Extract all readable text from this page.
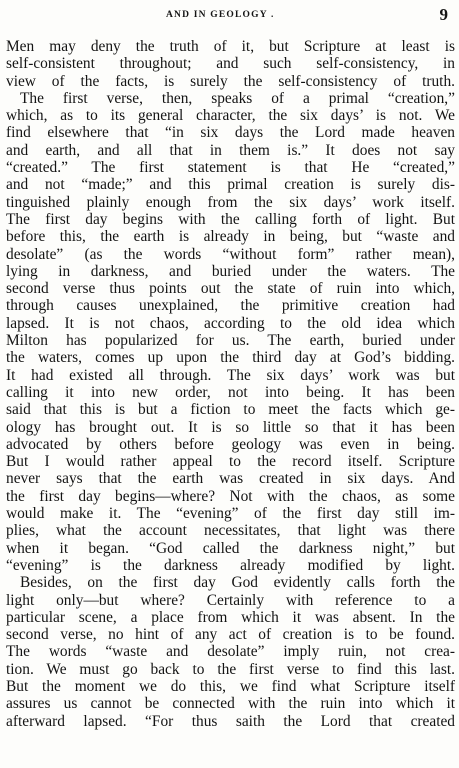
AND IN GEOLOGY .	9
Men may deny the truth of it, but Scripture at least is
self-consistent throughout; and such self-consistency, in
view of the facts, is surely the self-consistency of truth.
The first verse, then, speaks of a primal “creation,”
which, as to its general character, the six days’ is not. We
find elsewhere that “in six days the Lord made heaven
and earth, and all that in them is.” It does not say
“created.” The first statement is that He “created,”
and not “made;” and this primal creation is surely dis-
tinguished plainly enough from the six days’ work itself.
The first day begins with the calling forth of light. But
before this, the earth is already in being, but “waste and
desolate” (as the words “without form” rather mean),
lying in darkness, and buried under the waters. The
second verse thus points out the state of ruin into which,
through causes unexplained, the primitive creation had
lapsed. It is not chaos, according to the old idea which
Milton has popularized for us. The earth, buried under
the waters, comes up upon the third day at God’s bidding.
It had existed all through. The six days’ work was but
calling it into new order, not into being. It has been
said that this is but a fiction to meet the facts which ge-
ology has brought out. It is so little so that it has been
advocated by others before geology was even in being.
But I would rather appeal to the record itself. Scripture
never says that the earth was created in six days. And
the first day begins—where? Not with the chaos, as some
would make it. The “evening” of the first day still im-
plies, what the account necessitates, that light was there
when it began. “God called the darkness night,” but
“evening” is the darkness already modified by light.
Besides, on the first day God evidently calls forth the
light only—but where? Certainly with reference to a
particular scene, a place from which it was absent. In the
second verse, no hint of any act of creation is to be found.
The words “waste and desolate” imply ruin, not crea-
tion. We must go back to the first verse to find this last.
But the moment we do this, we find what Scripture itself
assures us cannot be connected with the ruin into which it
afterward lapsed. “For thus saith the Lord that created
